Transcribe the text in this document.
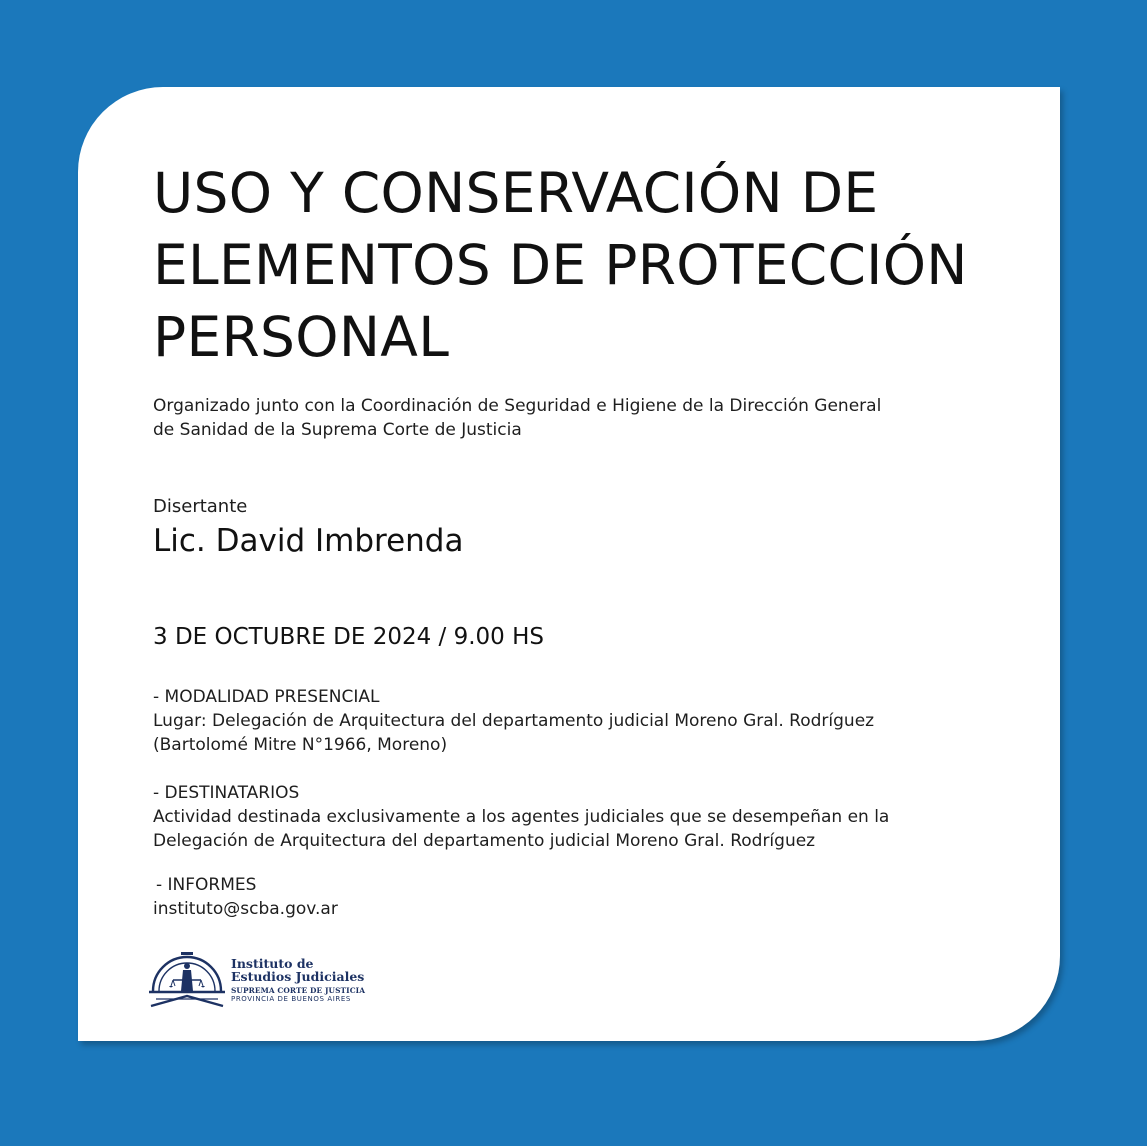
USO Y CONSERVACIÓN DE
ELEMENTOS DE PROTECCIÓN
PERSONAL
Organizado junto con la Coordinación de Seguridad e Higiene de la Dirección General
de Sanidad de la Suprema Corte de Justicia
Disertante
Lic. David Imbrenda
3 DE OCTUBRE DE 2024 / 9.00 HS
- MODALIDAD PRESENCIAL
Lugar: Delegación de Arquitectura del departamento judicial Moreno Gral. Rodríguez
(Bartolomé Mitre N°1966, Moreno)
- DESTINATARIOS
Actividad destinada exclusivamente a los agentes judiciales que se desempeñan en la
Delegación de Arquitectura del departamento judicial Moreno Gral. Rodríguez
- INFORMES
instituto@scba.gov.ar
Instituto de
Estudios Judiciales
SUPREMA CORTE DE JUSTICIA
PROVINCIA DE BUENOS AIRES
